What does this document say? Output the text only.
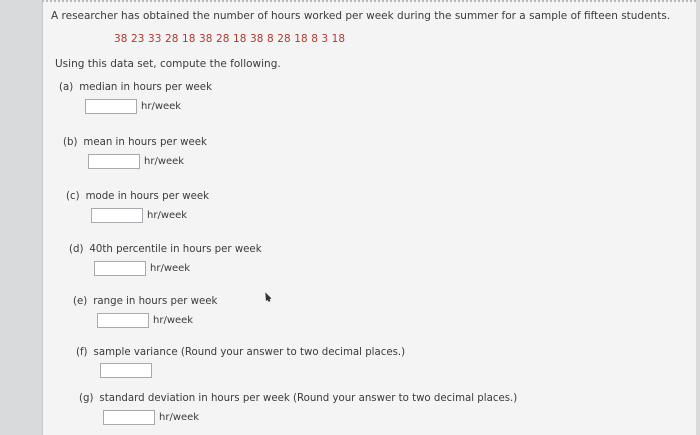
A researcher has obtained the number of hours worked per week during the summer for a sample of fifteen students.
38 23 33 28 18 38 28 18 38 8 28 18 8 3 18
Using this data set, compute the following.
(a) median in hours per week
hr/week
(b) mean in hours per week
hr/week
(c) mode in hours per week
hr/week
(d) 40th percentile in hours per week
hr/week
(e) range in hours per week
hr/week
(f) sample variance (Round your answer to two decimal places.)
(g) standard deviation in hours per week (Round your answer to two decimal places.)
hr/week
